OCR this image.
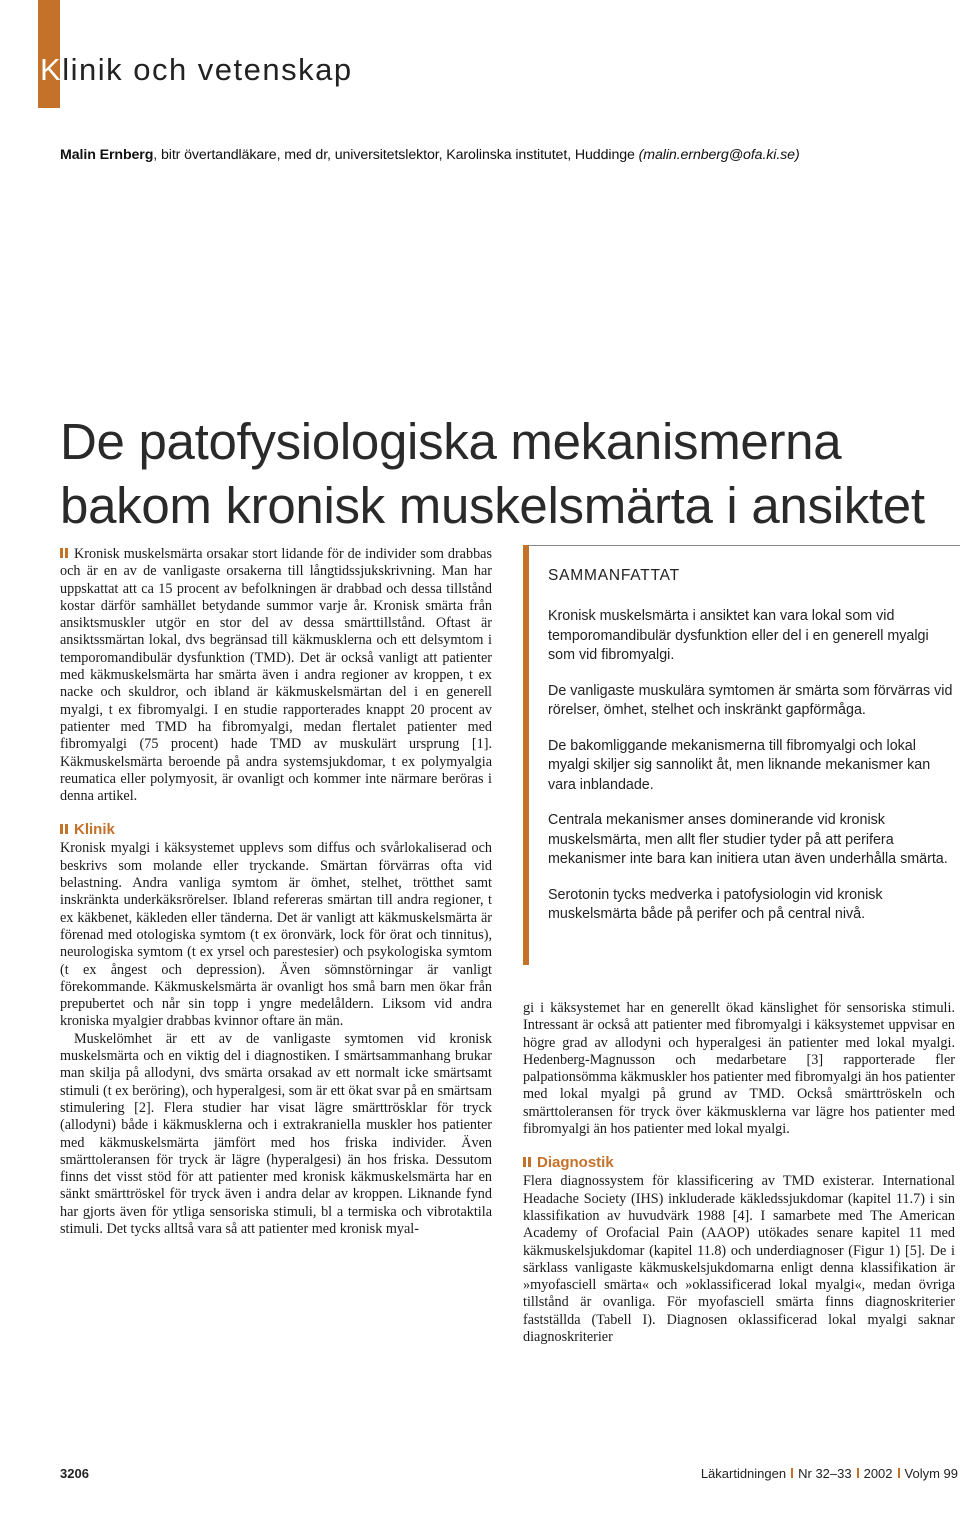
Klinik och vetenskap
Malin Ernberg, bitr övertandläkare, med dr, universitetslektor, Karolinska institutet, Huddinge (malin.ernberg@ofa.ki.se)
De patofysiologiska mekanismerna
bakom kronisk muskelsmärta i ansiktet

Kronisk muskelsmärta orsakar stort lidande för de individer som drabbas och är en av de vanligaste orsakerna till långtidssjukskrivning. Man har uppskattat att ca 15 procent av befolkningen är drabbad och dessa tillstånd kostar därför samhället betydande summor varje år. Kronisk smärta från ansiktsmuskler utgör en stor del av dessa smärttillstånd. Oftast är ansiktssmärtan lokal, dvs begränsad till käkmusklerna och ett delsymtom i temporomandibulär dysfunktion (TMD). Det är också vanligt att patienter med käkmuskelsmärta har smärta även i andra regioner av kroppen, t ex nacke och skuldror, och ibland är käkmuskelsmärtan del i en generell myalgi, t ex fibromyalgi. I en studie rapporterades knappt 20 procent av patienter med TMD ha fibromyalgi, medan flertalet patienter med fibromyalgi (75 procent) hade TMD av muskulärt ursprung [1]. Käkmuskelsmärta beroende på andra systemsjukdomar, t ex polymyalgia reumatica eller polymyosit, är ovanligt och kommer inte närmare beröras i denna artikel.

Klinik

Kronisk myalgi i käksystemet upplevs som diffus och svårlokaliserad och beskrivs som molande eller tryckande. Smärtan förvärras ofta vid belastning. Andra vanliga symtom är ömhet, stelhet, trötthet samt inskränkta underkäksrörelser. Ibland refereras smärtan till andra regioner, t ex käkbenet, käkleden eller tänderna. Det är vanligt att käkmuskelsmärta är förenad med otologiska symtom (t ex öronvärk, lock för örat och tinnitus), neurologiska symtom (t ex yrsel och parestesier) och psykologiska symtom (t ex ångest och depression). Även sömnstörningar är vanligt förekommande. Käkmuskelsmärta är ovanligt hos små barn men ökar från prepubertet och når sin topp i yngre medelåldern. Liksom vid andra kroniska myalgier drabbas kvinnor oftare än män.

Muskelömhet är ett av de vanligaste symtomen vid kronisk muskelsmärta och en viktig del i diagnostiken. I smärtsammanhang brukar man skilja på allodyni, dvs smärta orsakad av ett normalt icke smärtsamt stimuli (t ex beröring), och hyperalgesi, som är ett ökat svar på en smärtsam stimulering [2]. Flera studier har visat lägre smärttrösklar för tryck (allodyni) både i käkmusklerna och i extrakraniella muskler hos patienter med käkmuskelsmärta jämfört med hos friska individer. Även smärttoleransen för tryck är lägre (hyperalgesi) än hos friska. Dessutom finns det visst stöd för att patienter med kronisk käkmuskelsmärta har en sänkt smärttröskel för tryck även i andra delar av kroppen. Liknande fynd har gjorts även för ytliga sensoriska stimuli, bl a termiska och vibrotaktila stimuli. Det tycks alltså vara så att patienter med kronisk myal-

SAMMANFATTAT

Kronisk muskelsmärta i ansiktet kan vara lokal som vid temporomandibulär dysfunktion eller del i en generell myalgi som vid fibromyalgi.

De vanligaste muskulära symtomen är smärta som förvärras vid rörelser, ömhet, stelhet och inskränkt gapförmåga.

De bakomliggande mekanismerna till fibromyalgi och lokal myalgi skiljer sig sannolikt åt, men liknande mekanismer kan vara inblandade.

Centrala mekanismer anses dominerande vid kronisk muskelsmärta, men allt fler studier tyder på att perifera mekanismer inte bara kan initiera utan även underhålla smärta.

Serotonin tycks medverka i patofysiologin vid kronisk muskelsmärta både på perifer och på central nivå.

gi i käksystemet har en generellt ökad känslighet för sensoriska stimuli. Intressant är också att patienter med fibromyalgi i käksystemet uppvisar en högre grad av allodyni och hyperalgesi än patienter med lokal myalgi. Hedenberg-Magnusson och medarbetare [3] rapporterade fler palpationsömma käkmuskler hos patienter med fibromyalgi än hos patienter med lokal myalgi på grund av TMD. Också smärttröskeln och smärttoleransen för tryck över käkmusklerna var lägre hos patienter med fibromyalgi än hos patienter med lokal myalgi.

Diagnostik

Flera diagnossystem för klassificering av TMD existerar. International Headache Society (IHS) inkluderade käkledssjukdomar (kapitel 11.7) i sin klassifikation av huvudvärk 1988 [4]. I samarbete med The American Academy of Orofacial Pain (AAOP) utökades senare kapitel 11 med käkmuskelsjukdomar (kapitel 11.8) och underdiagnoser (Figur 1) [5]. De i särklass vanligaste käkmuskelsjukdomarna enligt denna klassifikation är »myofasciell smärta« och »oklassificerad lokal myalgi«, medan övriga tillstånd är ovanliga. För myofasciell smärta finns diagnoskriterier fastställda (Tabell I). Diagnosen oklassificerad lokal myalgi saknar diagnoskriterier

3206	Läkartidningen Nr 32–33 2002 Volym 99
